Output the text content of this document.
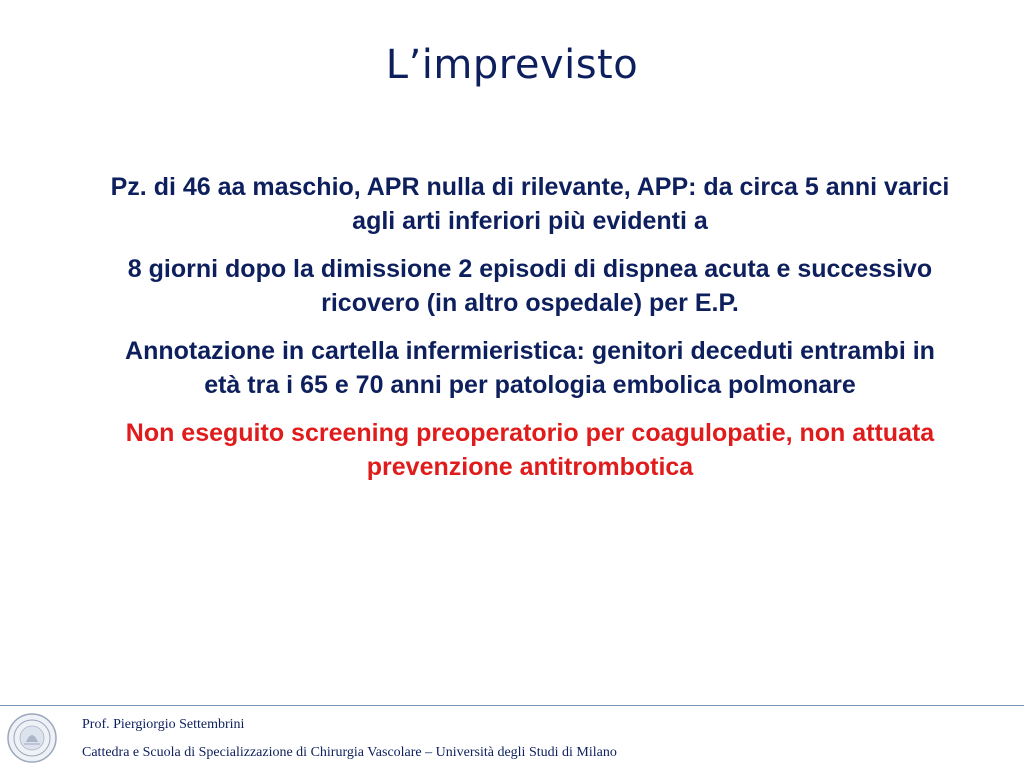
L’imprevisto

Pz. di 46 aa maschio, APR nulla di rilevante, APP: da circa 5 anni varici agli arti inferiori più evidenti a

8 giorni dopo la dimissione 2 episodi di dispnea acuta e successivo ricovero (in altro ospedale) per E.P.

Annotazione in cartella infermieristica: genitori deceduti entrambi in età tra i 65 e 70 anni per patologia embolica polmonare

Non eseguito screening preoperatorio per coagulopatie, non attuata prevenzione antitrombotica

Prof. Piergiorgio Settembrini
Cattedra e Scuola di Specializzazione di Chirurgia Vascolare – Università degli Studi di Milano
